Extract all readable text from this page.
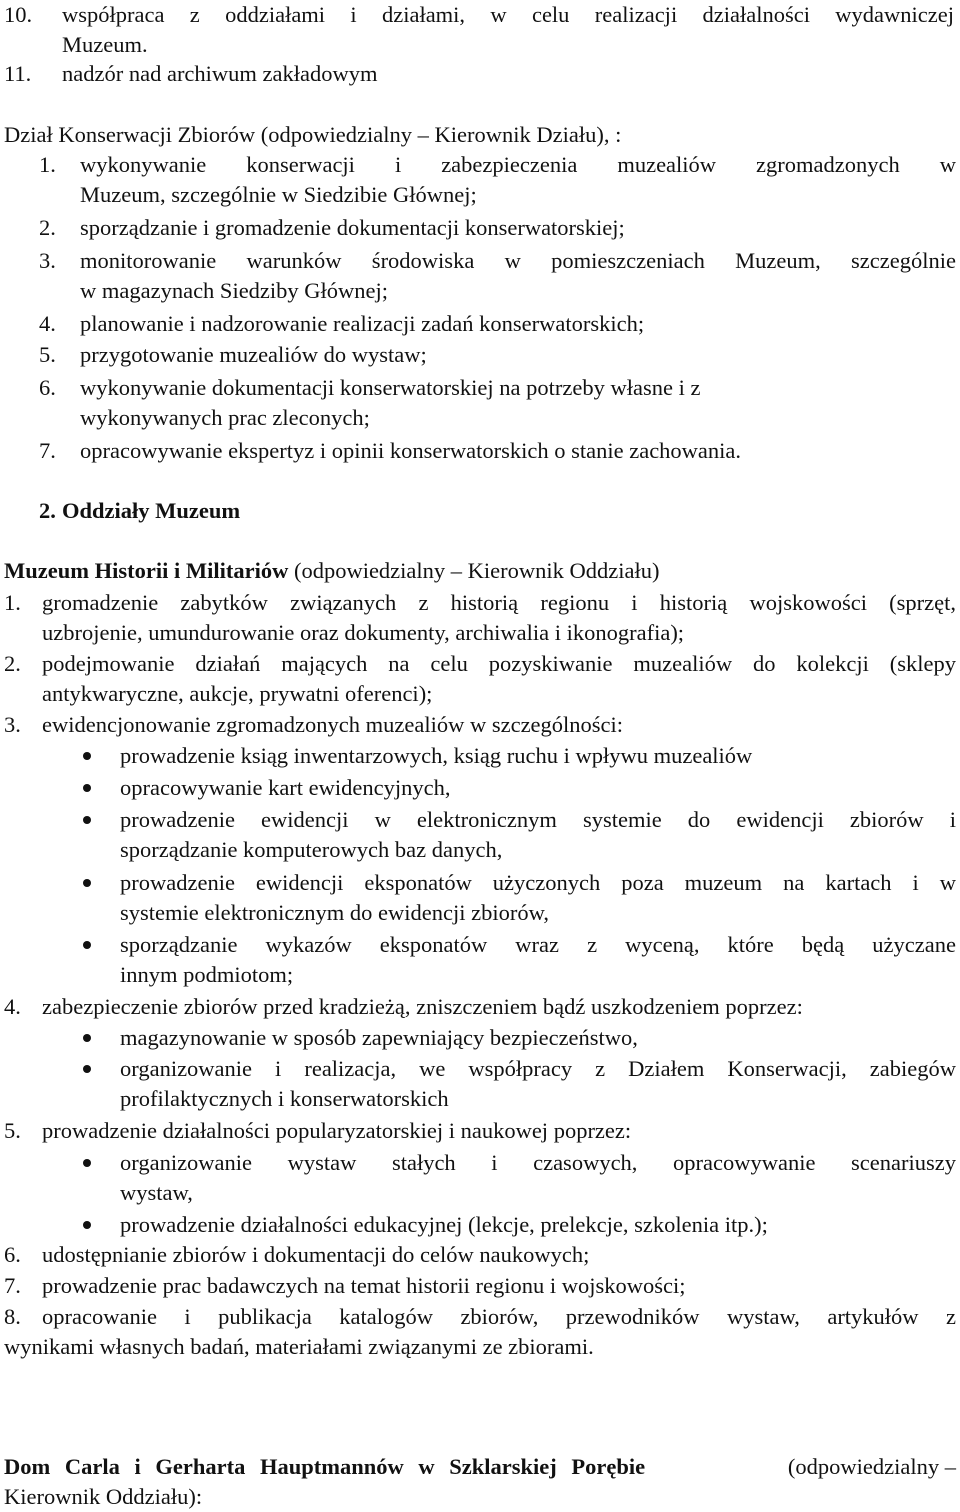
10. współpraca z oddziałami i działami, w celu realizacji działalności wydawniczej
Muzeum.
11. nadzór nad archiwum zakładowym
Dział Konserwacji Zbiorów (odpowiedzialny – Kierownik Działu), :
1. wykonywanie konserwacji i zabezpieczenia muzealiów zgromadzonych w
Muzeum, szczególnie w Siedzibie Głównej;
2. sporządzanie i gromadzenie dokumentacji konserwatorskiej;
3. monitorowanie warunków środowiska w pomieszczeniach Muzeum, szczególnie
w magazynach Siedziby Głównej;
4. planowanie i nadzorowanie realizacji zadań konserwatorskich;
5. przygotowanie muzealiów do wystaw;
6. wykonywanie dokumentacji konserwatorskiej na potrzeby własne i z
wykonywanych prac zleconych;
7. opracowywanie ekspertyz i opinii konserwatorskich o stanie zachowania.
2. Oddziały Muzeum
Muzeum Historii i Militariów (odpowiedzialny – Kierownik Oddziału)
1. gromadzenie zabytków związanych z historią regionu i historią wojskowości (sprzęt,
uzbrojenie, umundurowanie oraz dokumenty, archiwalia i ikonografia);
2. podejmowanie działań mających na celu pozyskiwanie muzealiów do kolekcji (sklepy
antykwaryczne, aukcje, prywatni oferenci);
3. ewidencjonowanie zgromadzonych muzealiów w szczególności:
prowadzenie ksiąg inwentarzowych, ksiąg ruchu i wpływu muzealiów
opracowywanie kart ewidencyjnych,
prowadzenie ewidencji w elektronicznym systemie do ewidencji zbiorów i
sporządzanie komputerowych baz danych,
prowadzenie ewidencji eksponatów użyczonych poza muzeum na kartach i w
systemie elektronicznym do ewidencji zbiorów,
sporządzanie wykazów eksponatów wraz z wyceną, które będą użyczane
innym podmiotom;
4. zabezpieczenie zbiorów przed kradzieżą, zniszczeniem bądź uszkodzeniem poprzez:
magazynowanie w sposób zapewniający bezpieczeństwo,
organizowanie i realizacja, we współpracy z Działem Konserwacji, zabiegów
profilaktycznych i konserwatorskich
5. prowadzenie działalności popularyzatorskiej i naukowej poprzez:
organizowanie wystaw stałych i czasowych, opracowywanie scenariuszy
wystaw,
prowadzenie działalności edukacyjnej (lekcje, prelekcje, szkolenia itp.);
6. udostępnianie zbiorów i dokumentacji do celów naukowych;
7. prowadzenie prac badawczych na temat historii regionu i wojskowości;
8. opracowanie i publikacja katalogów zbiorów, przewodników wystaw, artykułów z
wynikami własnych badań, materiałami związanymi ze zbiorami.
Dom Carla i Gerharta Hauptmannów w Szklarskiej Porębie	(odpowiedzialny –
Kierownik Oddziału):
